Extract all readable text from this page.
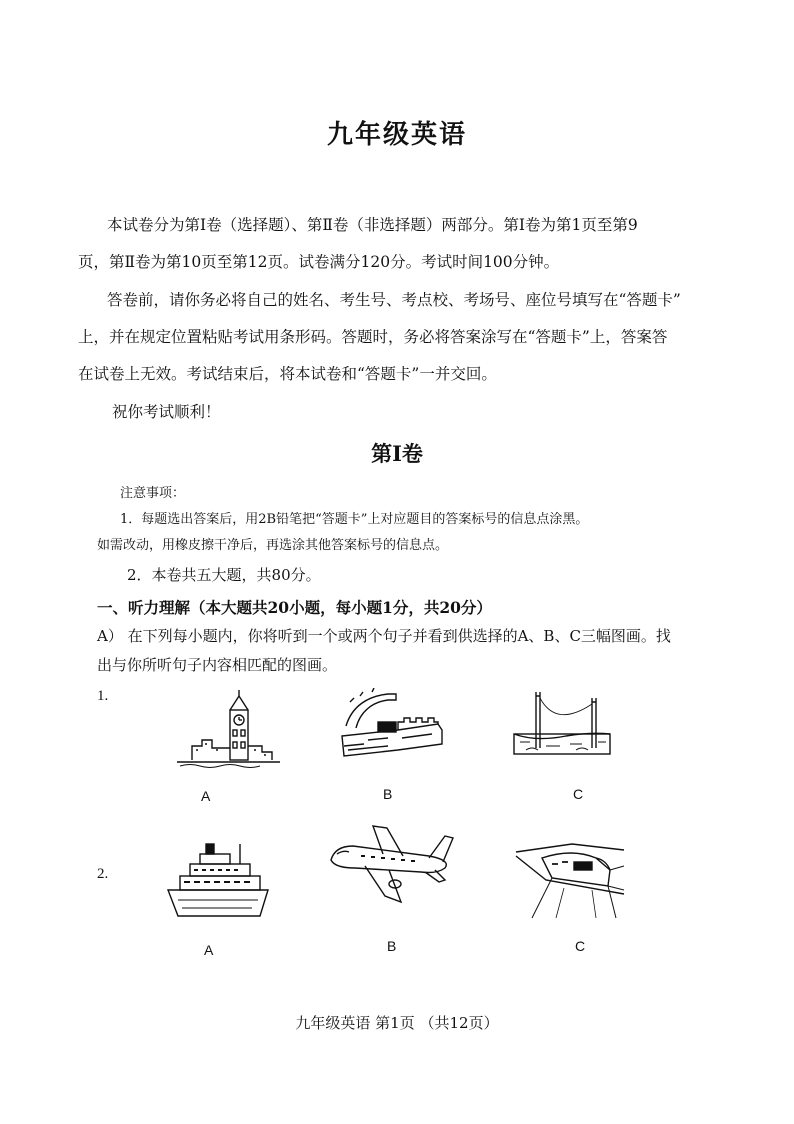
九年级英语
本试卷分为第Ⅰ卷（选择题）、第Ⅱ卷（非选择题）两部分。第Ⅰ卷为第1页至第9
页，第Ⅱ卷为第10页至第12页。试卷满分120分。考试时间100分钟。
答卷前，请你务必将自己的姓名、考生号、考点校、考场号、座位号填写在“答题卡”
上，并在规定位置粘贴考试用条形码。答题时，务必将答案涂写在“答题卡”上，答案答
在试卷上无效。考试结束后，将本试卷和“答题卡”一并交回。
祝你考试顺利！
第Ⅰ卷
注意事项：
1．每题选出答案后，用2B铅笔把“答题卡”上对应题目的答案标号的信息点涂黑。
如需改动，用橡皮擦干净后，再选涂其他答案标号的信息点。
2．本卷共五大题，共80分。
一、听力理解（本大题共20小题，每小题1分，共20分）
A） 在下列每小题内，你将听到一个或两个句子并看到供选择的A、B、C三幅图画。找
出与你所听句子内容相匹配的图画。
1.
A	B	C
2.
A	B	C
九年级英语 第1页 （共12页）
